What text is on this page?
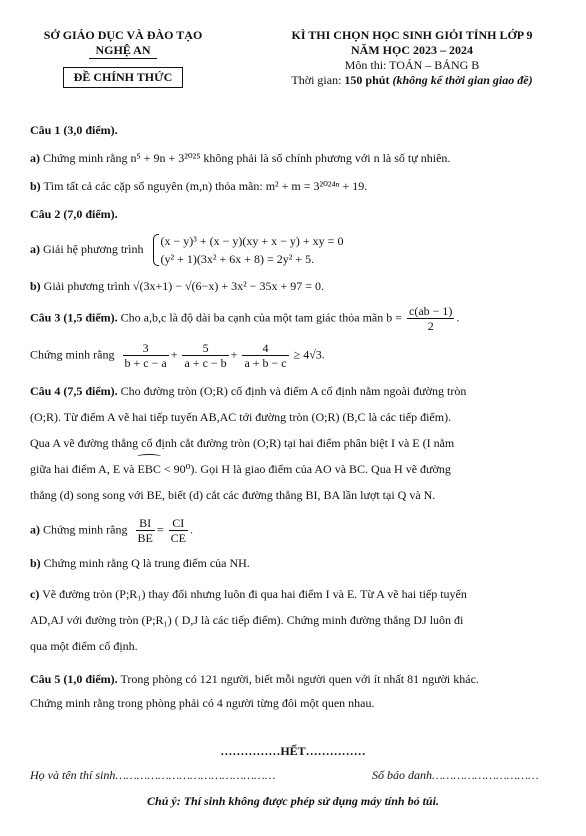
SỞ GIÁO DỤC VÀ ĐÀO TẠO
NGHỆ AN
ĐỀ CHÍNH THỨC
KÌ THI CHỌN HỌC SINH GIỎI TỈNH LỚP 9
NĂM HỌC 2023 – 2024
Môn thi: TOÁN – BẢNG B
Thời gian: 150 phút (không kể thời gian giao đề)
Câu 1 (3,0 điểm).
a) Chứng minh rằng n⁵ + 9n + 3²⁰²⁵ không phải là số chính phương với n là số tự nhiên.
b) Tìm tất cả các cặp số nguyên (m,n) thỏa mãn: m² + m = 3²⁰²⁴ⁿ + 19.
Câu 2 (7,0 điểm).
a) Giải hệ phương trình
(x − y)³ + (x − y)(xy + x − y) + xy = 0
(y² + 1)(3x² + 6x + 8) = 2y² + 5.
b) Giải phương trình √(3x+1) − √(6−x) + 3x² − 35x + 97 = 0.
Câu 3 (1,5 điểm). Cho a,b,c là độ dài ba cạnh của một tam giác thỏa mãn $b = \frac{c(ab - 1)}{2}$ .
Chứng minh rằng $\frac{3}{b + c - a} + \frac{5}{a + c - b} + \frac{4}{a + b - c} \ge 4√3$.
Câu 4 (7,5 điểm). Cho đường tròn (O;R) cố định và điểm A cố định nằm ngoài đường tròn
(O;R). Từ điểm A vẽ hai tiếp tuyến AB,AC tới đường tròn (O;R) (B,C là các tiếp điểm).
Qua A vẽ đường thẳng cố định cắt đường tròn (O;R) tại hai điểm phân biệt I và E (I nằm
giữa hai điểm A, E và EBC < 90⁰). Gọi H là giao điểm của AO và BC. Qua H vẽ đường
thẳng (d) song song với BE, biết (d) cắt các đường thẳng BI, BA lần lượt tại Q và N.
a) Chứng minh rằng $\frac{BI}{BE} = \frac{CI}{CE}$ .
b) Chứng minh rằng Q là trung điểm của NH.
c) Vẽ đường tròn (P;R₁) thay đổi nhưng luôn đi qua hai điểm I và E. Từ A vẽ hai tiếp tuyến
AD,AJ với đường tròn (P;R₁) ( D,J là các tiếp điểm). Chứng minh đường thẳng DJ luôn đi
qua một điểm cố định.
Câu 5 (1,0 điểm). Trong phòng có 121 người, biết mỗi người quen với ít nhất 81 người khác.
Chứng minh rằng trong phòng phải có 4 người từng đôi một quen nhau.
……………HẾT……………
Họ và tên thí sinh………………………………………	Số báo danh…………………………
Chú ý: Thí sinh không được phép sử dụng máy tính bỏ túi.
